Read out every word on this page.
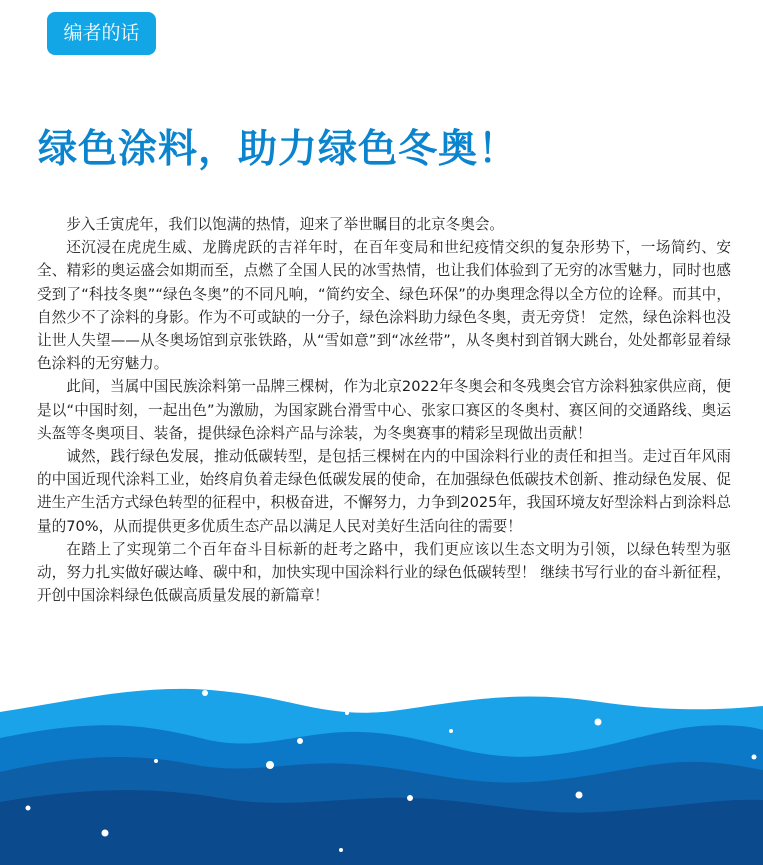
编者的话
绿色涂料，助力绿色冬奥！

步入壬寅虎年，我们以饱满的热情，迎来了举世瞩目的北京冬奥会。

还沉浸在虎虎生威、龙腾虎跃的吉祥年时，在百年变局和世纪疫情交织的复杂形势下，一场简约、安全、精彩的奥运盛会如期而至，点燃了全国人民的冰雪热情，也让我们体验到了无穷的冰雪魅力，同时也感受到了“科技冬奥”“绿色冬奥”的不同凡响，“简约安全、绿色环保”的办奥理念得以全方位的诠释。而其中，自然少不了涂料的身影。作为不可或缺的一分子，绿色涂料助力绿色冬奥，责无旁贷！ 定然，绿色涂料也没让世人失望——从冬奥场馆到京张铁路，从“雪如意”到“冰丝带”，从冬奥村到首钢大跳台，处处都彰显着绿色涂料的无穷魅力。

此间，当属中国民族涂料第一品牌三棵树，作为北京2022年冬奥会和冬残奥会官方涂料独家供应商，便是以“中国时刻，一起出色”为激励，为国家跳台滑雪中心、张家口赛区的冬奥村、赛区间的交通路线、奥运头盔等冬奥项目、装备，提供绿色涂料产品与涂装，为冬奥赛事的精彩呈现做出贡献！

诚然，践行绿色发展，推动低碳转型，是包括三棵树在内的中国涂料行业的责任和担当。走过百年风雨的中国近现代涂料工业，始终肩负着走绿色低碳发展的使命，在加强绿色低碳技术创新、推动绿色发展、促进生产生活方式绿色转型的征程中，积极奋进，不懈努力，力争到2025年，我国环境友好型涂料占到涂料总量的70%，从而提供更多优质生态产品以满足人民对美好生活向往的需要！

在踏上了实现第二个百年奋斗目标新的赶考之路中，我们更应该以生态文明为引领，以绿色转型为驱动，努力扎实做好碳达峰、碳中和，加快实现中国涂料行业的绿色低碳转型！ 继续书写行业的奋斗新征程，开创中国涂料绿色低碳高质量发展的新篇章！
